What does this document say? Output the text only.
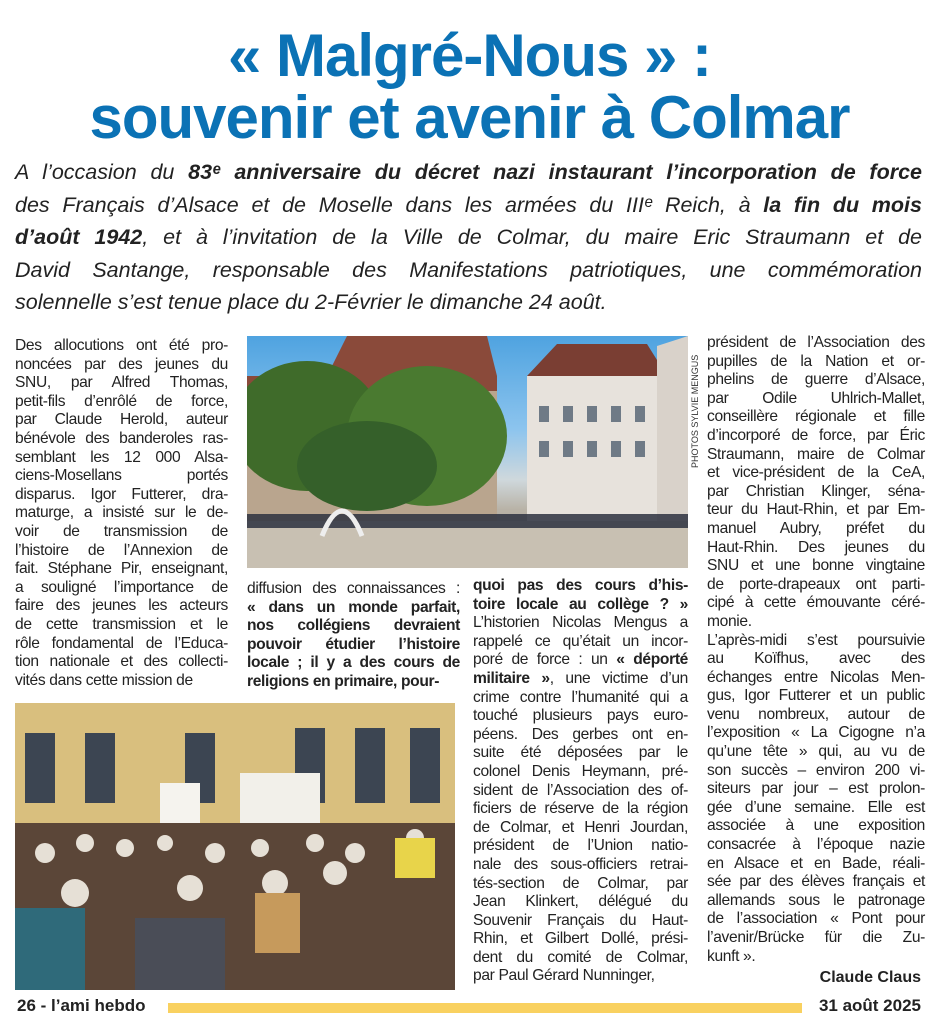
« Malgré-Nous » :
souvenir et avenir à Colmar
A l’occasion du 83ᵉ anniversaire du décret nazi instaurant l’incorporation de force
des Français d’Alsace et de Moselle dans les armées du IIIᵉ Reich, à la fin du mois
d’août 1942, et à l’invitation de la Ville de Colmar, du maire Eric Straumann et de
David Santange, responsable des Manifestations patriotiques, une commémoration
solennelle s’est tenue place du 2-Février le dimanche 24 août.
Des allocutions ont été pro-
noncées par des jeunes du
SNU, par Alfred Thomas,
petit-fils d’enrôlé de force,
par Claude Herold, auteur
bénévole des banderoles ras-
semblant les 12 000 Alsa-
ciens-Mosellans portés
disparus. Igor Futterer, dra-
maturge, a insisté sur le de-
voir de transmission de
l’histoire de l’Annexion de
fait. Stéphane Pir, enseignant,
a souligné l’importance de
faire des jeunes les acteurs
de cette transmission et le
rôle fondamental de l’Educa-
tion nationale et des collecti-
vités dans cette mission de
diffusion des connaissances :
« dans un monde parfait,
nos collégiens devraient
pouvoir étudier l’histoire
locale ; il y a des cours de
religions en primaire, pour-
quoi pas des cours d’his-
toire locale au collège ? »
L’historien Nicolas Mengus a
rappelé ce qu’était un incor-
poré de force : un « déporté
militaire », une victime d’un
crime contre l’humanité qui a
touché plusieurs pays euro-
péens. Des gerbes ont en-
suite été déposées par le
colonel Denis Heymann, pré-
sident de l’Association des of-
ficiers de réserve de la région
de Colmar, et Henri Jourdan,
président de l’Union natio-
nale des sous-officiers retrai-
tés-section de Colmar, par
Jean Klinkert, délégué du
Souvenir Français du Haut-
Rhin, et Gilbert Dollé, prési-
dent du comité de Colmar,
par Paul Gérard Nunninger,
président de l’Association des
pupilles de la Nation et or-
phelins de guerre d’Alsace,
par Odile Uhlrich-Mallet,
conseillère régionale et fille
d’incorporé de force, par Éric
Straumann, maire de Colmar
et vice-président de la CeA,
par Christian Klinger, séna-
teur du Haut-Rhin, et par Em-
manuel Aubry, préfet du
Haut-Rhin. Des jeunes du
SNU et une bonne vingtaine
de porte-drapeaux ont parti-
cipé à cette émouvante céré-
monie.
L’après-midi s’est poursuivie
au Koïfhus, avec des
échanges entre Nicolas Men-
gus, Igor Futterer et un public
venu nombreux, autour de
l’exposition « La Cigogne n’a
qu’une tête » qui, au vu de
son succès – environ 200 vi-
siteurs par jour – est prolon-
gée d’une semaine. Elle est
associée à une exposition
consacrée à l’époque nazie
en Alsace et en Bade, réali-
sée par des élèves français et
allemands sous le patronage
de l’association « Pont pour
l’avenir/Brücke für die Zu-
kunft ».
PHOTOS SYLVIE MENGUS
Claude Claus
26 - l’ami hebdo	31 août 2025
